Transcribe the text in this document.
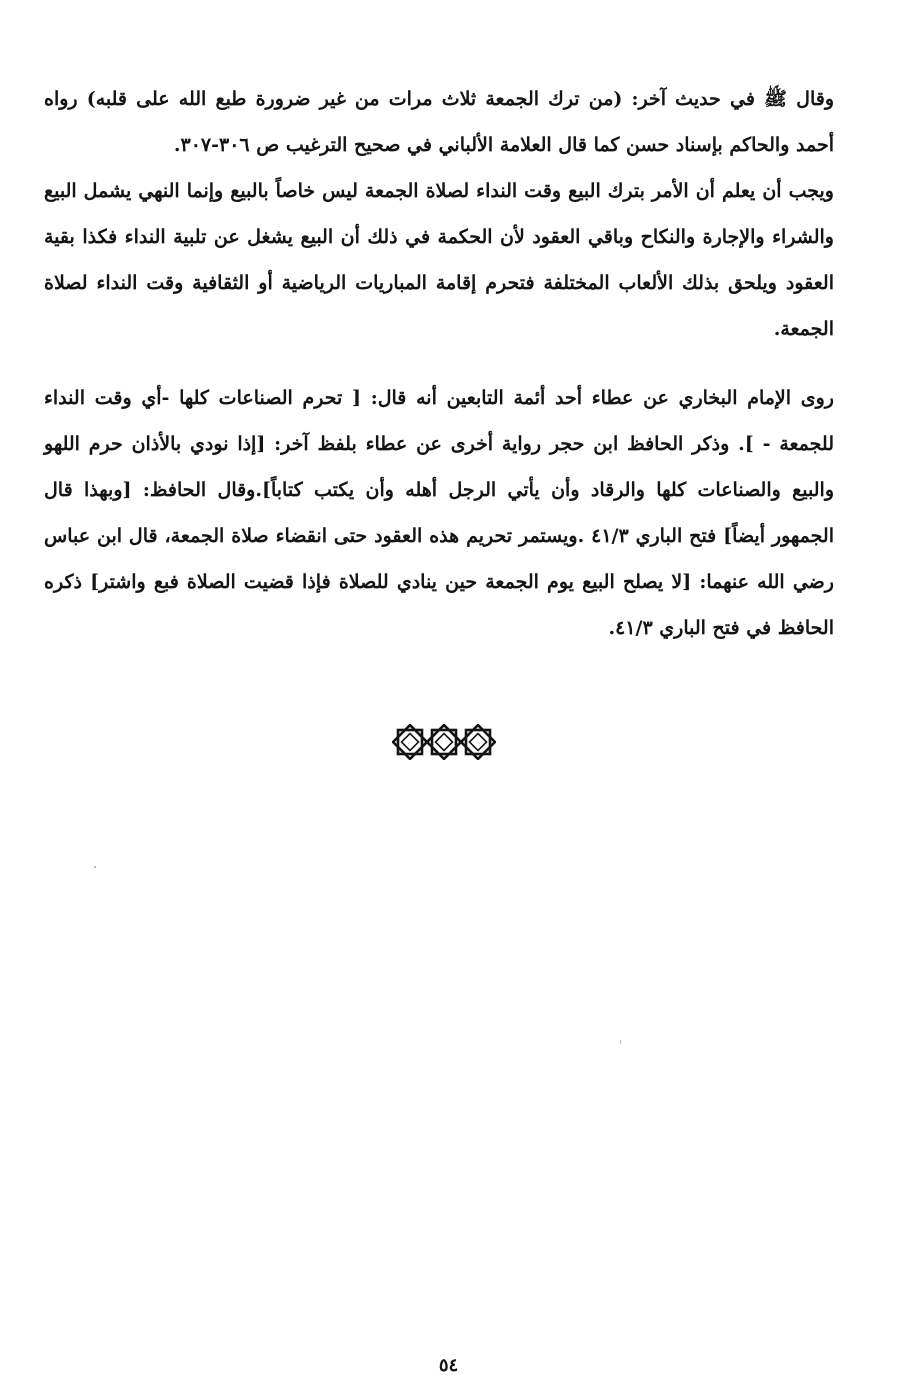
وقال ﷺ في حديث آخر: (من ترك الجمعة ثلاث مرات من غير ضرورة طبع الله على قلبه) رواه أحمد والحاكم بإسناد حسن كما قال العلامة الألباني في صحيح الترغيب ص ٣٠٦-٣٠٧.

ويجب أن يعلم أن الأمر بترك البيع وقت النداء لصلاة الجمعة ليس خاصاً بالبيع وإنما النهي يشمل البيع والشراء والإجارة والنكاح وباقي العقود لأن الحكمة في ذلك أن البيع يشغل عن تلبية النداء فكذا بقية العقود ويلحق بذلك الألعاب المختلفة فتحرم إقامة المباريات الرياضية أو الثقافية وقت النداء لصلاة الجمعة.

روى الإمام البخاري عن عطاء أحد أئمة التابعين أنه قال: [ تحرم الصناعات كلها -أي وقت النداء للجمعة - ]. وذكر الحافظ ابن حجر رواية أخرى عن عطاء بلفظ آخر: [إذا نودي بالأذان حرم اللهو والبيع والصناعات كلها والرقاد وأن يأتي الرجل أهله وأن يكتب كتاباً].وقال الحافظ: [وبهذا قال الجمهور أيضاً] فتح الباري ٤١/٣ .ويستمر تحريم هذه العقود حتى انقضاء صلاة الجمعة، قال ابن عباس رضي الله عنهما: [لا يصلح البيع يوم الجمعة حين ينادي للصلاة فإذا قضيت الصلاة فبع واشتر] ذكره الحافظ في فتح الباري ٤١/٣.

٥٤
